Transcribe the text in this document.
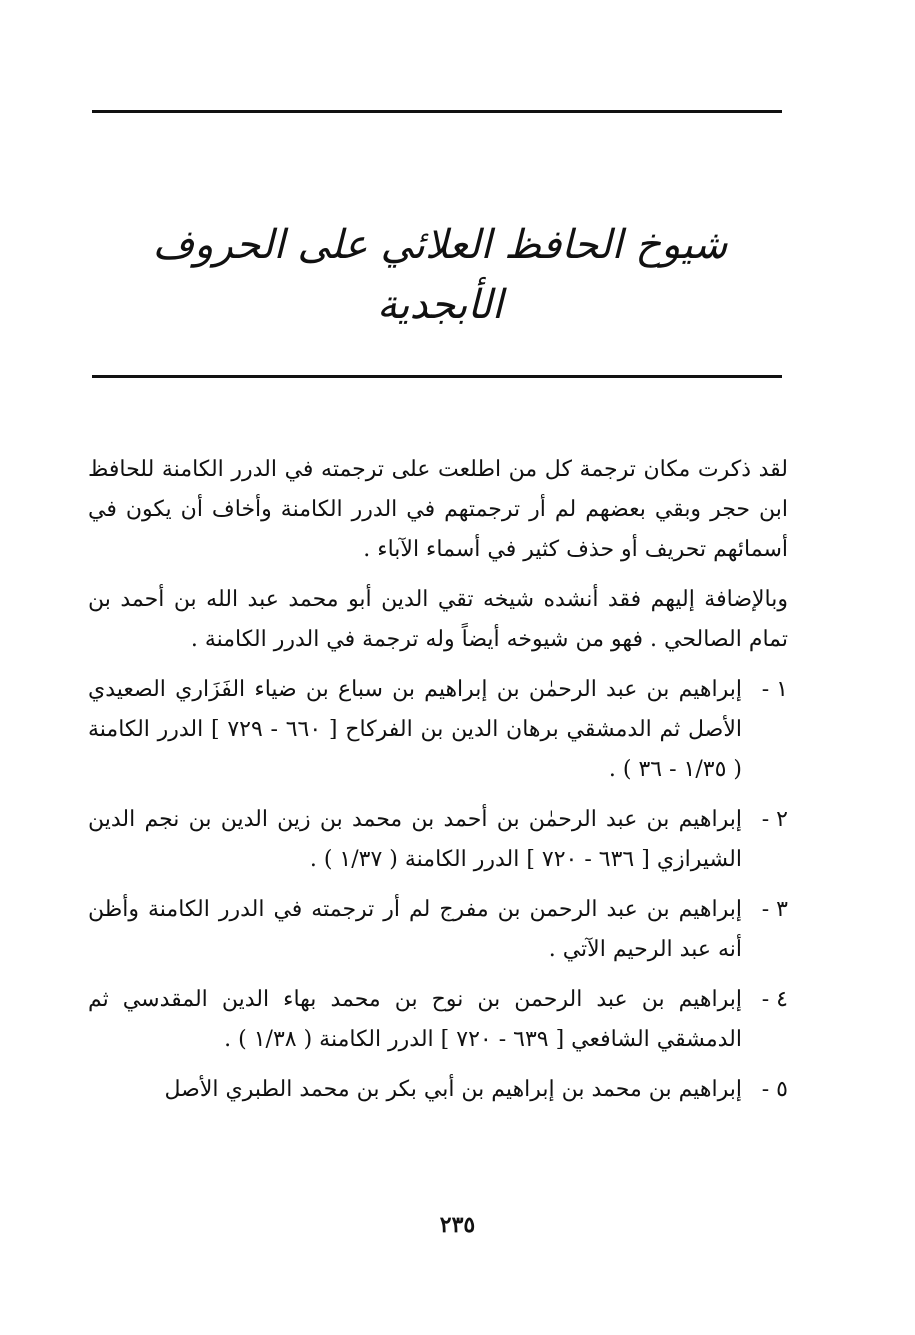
شيوخ الحافظ العلائي على الحروف الأبجدية

لقد ذكرت مكان ترجمة كل من اطلعت على ترجمته في الدرر الكامنة للحافظ ابن حجر وبقي بعضهم لم أر ترجمتهم في الدرر الكامنة وأخاف أن يكون في أسمائهم تحريف أو حذف كثير في أسماء الآباء .

وبالإضافة إليهم فقد أنشده شيخه تقي الدين أبو محمد عبد الله بن أحمد بن تمام الصالحي . فهو من شيوخه أيضاً وله ترجمة في الدرر الكامنة .

١ -
إبراهيم بن عبد الرحمٰن بن إبراهيم بن سباع بن ضياء الفَزَاري الصعيدي الأصل ثم الدمشقي برهان الدين بن الفركاح [ ٦٦٠ - ٧٢٩ ] الدرر الكامنة ( ١/٣٥ - ٣٦ ) .
٢ -
إبراهيم بن عبد الرحمٰن بن أحمد بن محمد بن زين الدين بن نجم الدين الشيرازي [ ٦٣٦ - ٧٢٠ ] الدرر الكامنة ( ١/٣٧ ) .
٣ -
إبراهيم بن عبد الرحمن بن مفرج لم أر ترجمته في الدرر الكامنة وأظن أنه عبد الرحيم الآتي .
٤ -
إبراهيم بن عبد الرحمن بن نوح بن محمد بهاء الدين المقدسي ثم الدمشقي الشافعي [ ٦٣٩ - ٧٢٠ ] الدرر الكامنة ( ١/٣٨ ) .
٥ -
إبراهيم بن محمد بن إبراهيم بن أبي بكر بن محمد الطبري الأصل
٢٣٥
